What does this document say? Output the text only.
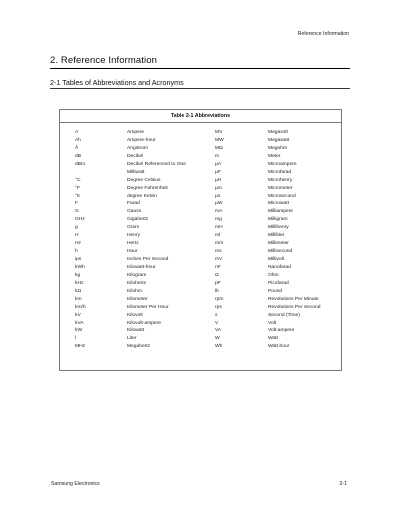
Reference Information
2. Reference Information
2-1 Tables of Abbreviations and Acronyms
Table 2-1 Abbreviations
A	Ampere	MV	Megavolt
Ah	Ampere-hour	MW	Megawatt
Å	Angstrom	MΩ	Megohm
dB	Decibel	m	Meter
dBm	Decibel Referenced to One	µA	Microampere
	Milliwatt	µF	Microfarad
°C	Degree Celsius	µH	Microhenry
°F	Degree Fahrenheit	µm	Micrometer
°K	degree Kelvin	µs	Microsecond
F	Farad	µW	Microwatt
G	Gauss	mA	Milliampere
GHz	Gigahertz	mg	Milligram
g	Gram	mH	Millihenry
H	Henry	ml	Milliliter
Hz	Hertz	mm	Millimeter
h	Hour	ms	Millisecond
ips	Inches Per Second	mV	Millivolt
kWh	Kilowatt-hour	nF	Nanofarad
kg	Kilogram	Ω	Ohm
kHz	Kilohertz	pF	Picofarad
kΩ	Kilohm	lb	Pound
km	Kilometer	rpm	Revolutions Per Minute
km/h	Kilometer Per Hour	rps	Revolutions Per Second
kV	Kilovolt	s	Second (Time)
kVA	Kilovolt-ampere	V	Volt
kW	Kilowatt	VA	Volt-ampere
l	Liter	W	Watt
MHz	Megahertz	Wh	Watt-hour
Samsung Electronics	2-1
